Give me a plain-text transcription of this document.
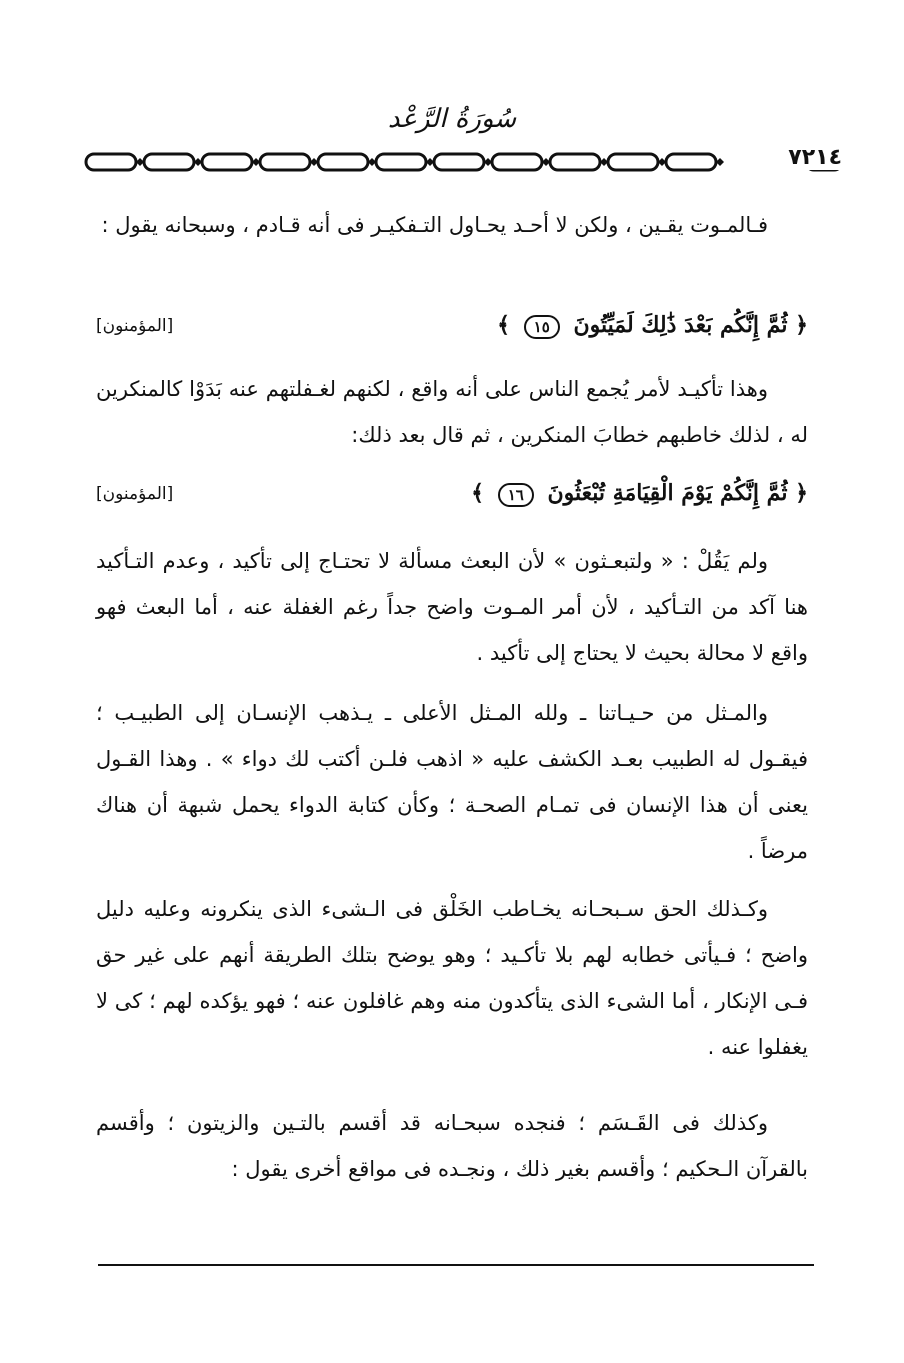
سُورَةُ الرَّعْد
٧٢١٤

فـالمـوت يقـين ، ولكن لا أحـد يحـاول التـفكيـر فى أنه قـادم ، وسبحانه يقول :

﴿ ثُمَّ إِنَّكُم بَعْدَ ذَٰلِكَ لَمَيِّتُونَ ١٥ ﴾
[المؤمنون]

وهذا تأكيـد لأمر يُجمع الناس على أنه واقع ، لكنهم لغـفلتهم عنه بَدَوْا كالمنكرين له ، لذلك خاطبهم خطابَ المنكرين ، ثم قال بعد ذلك:

﴿ ثُمَّ إِنَّكُمْ يَوْمَ الْقِيَامَةِ تُبْعَثُونَ ١٦ ﴾
[المؤمنون]

ولم يَقُلْ : « ولتبعـثون » لأن البعث مسألة لا تحتـاج إلى تأكيد ، وعدم التـأكيد هنا آكد من التـأكيد ، لأن أمر المـوت واضح جداً رغم الغفلة عنه ، أما البعث فهو واقع لا محالة بحيث لا يحتاج إلى تأكيد .

والمـثل من حـيـاتنا ـ ولله المـثل الأعلى ـ يـذهب الإنسـان إلى الطبيـب ؛ فيقـول له الطبيب بعـد الكشف عليه « اذهب فلـن أكتب لك دواء » . وهذا القـول يعنى أن هذا الإنسان فى تمـام الصحـة ؛ وكأن كتابة الدواء يحمل شبهة أن هناك مرضاً .

وكـذلك الحق سـبحـانه يخـاطب الخَلْق فى الـشىء الذى ينكرونه وعليه دليل واضح ؛ فـيأتى خطابه لهم بلا تأكـيد ؛ وهو يوضح بتلك الطريقة أنهم على غير حق فـى الإنكار ، أما الشىء الذى يتأكدون منه وهم غافلون عنه ؛ فهو يؤكده لهم ؛ كى لا يغفلوا عنه .

وكذلك فى القَـسَم ؛ فنجده سبحـانه قد أقسم بالتـين والزيتون ؛ وأقسم بالقرآن الـحكيم ؛ وأقسم بغير ذلك ، ونجـده فى مواقع أخرى يقول :
